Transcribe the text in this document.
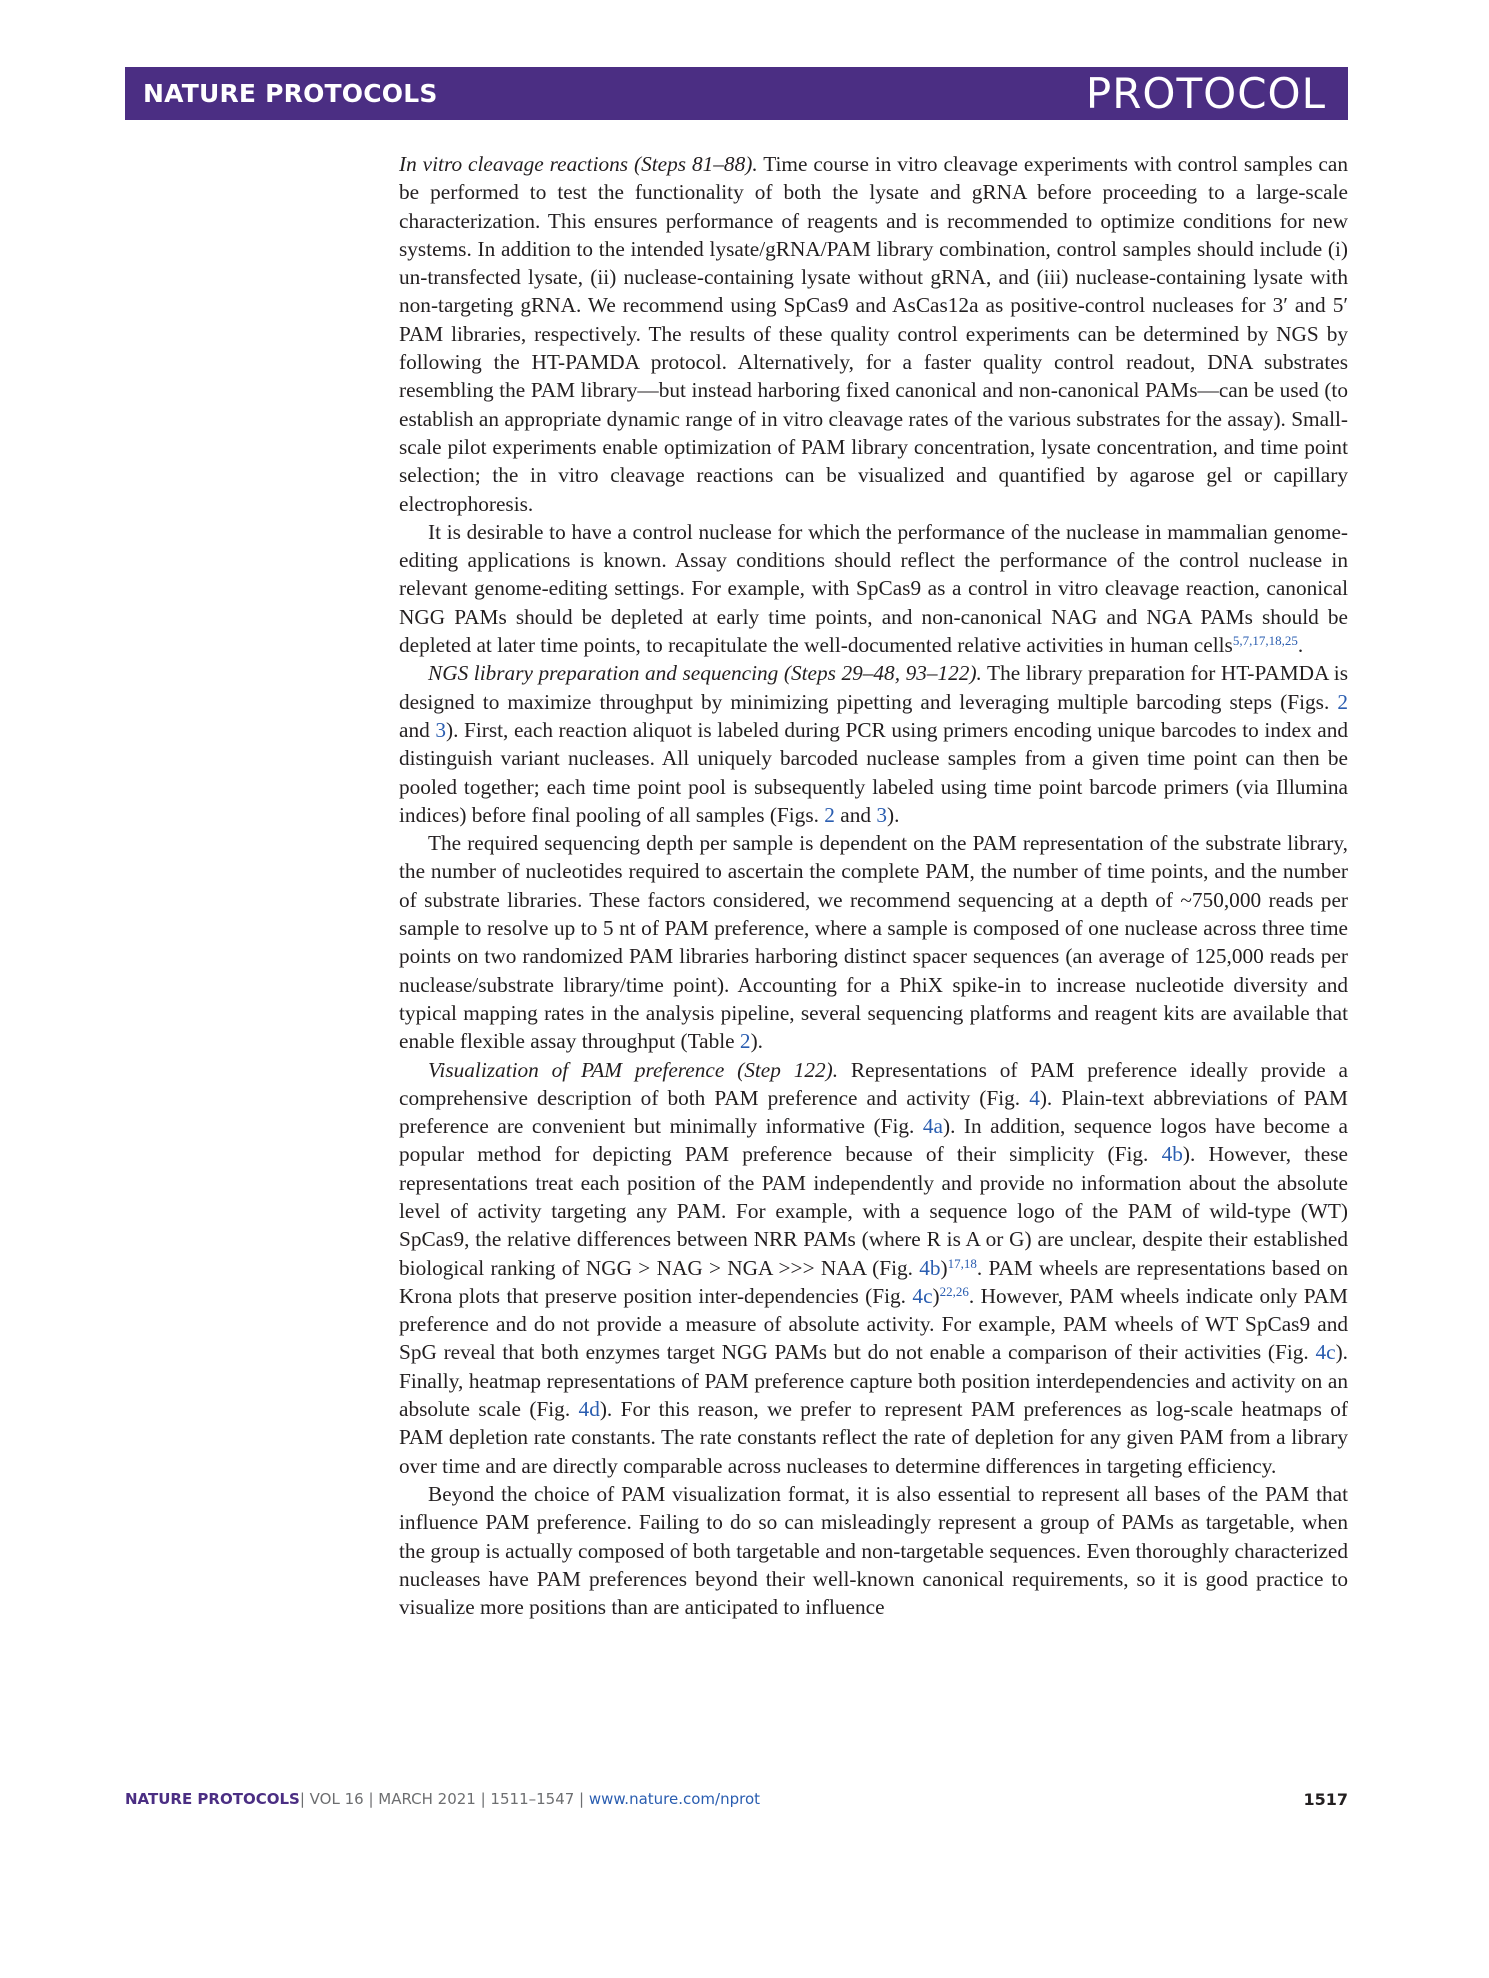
NATURE PROTOCOLS	PROTOCOL

In vitro cleavage reactions (Steps 81–88). Time course in vitro cleavage experiments with control samples can be performed to test the functionality of both the lysate and gRNA before proceeding to a large-scale characterization. This ensures performance of reagents and is recommended to optimize conditions for new systems. In addition to the intended lysate/gRNA/PAM library combination, control samples should include (i) un-transfected lysate, (ii) nuclease-containing lysate without gRNA, and (iii) nuclease-containing lysate with non-targeting gRNA. We recommend using SpCas9 and AsCas12a as positive-control nucleases for 3′ and 5′ PAM libraries, respectively. The results of these quality control experiments can be determined by NGS by following the HT-PAMDA protocol. Alternatively, for a faster quality control readout, DNA substrates resembling the PAM library—but instead harboring fixed canonical and non-canonical PAMs—can be used (to establish an appropriate dynamic range of in vitro cleavage rates of the various substrates for the assay). Small-scale pilot experiments enable optimization of PAM library concentration, lysate concentration, and time point selection; the in vitro cleavage reactions can be visualized and quantified by agarose gel or capillary electrophoresis.

It is desirable to have a control nuclease for which the performance of the nuclease in mammalian genome-editing applications is known. Assay conditions should reflect the performance of the control nuclease in relevant genome-editing settings. For example, with SpCas9 as a control in vitro cleavage reaction, canonical NGG PAMs should be depleted at early time points, and non-canonical NAG and NGA PAMs should be depleted at later time points, to recapitulate the well-documented relative activities in human cells$^{5,7,17,18,25}$.

NGS library preparation and sequencing (Steps 29–48, 93–122). The library preparation for HT-PAMDA is designed to maximize throughput by minimizing pipetting and leveraging multiple barcoding steps (Figs. 2 and 3). First, each reaction aliquot is labeled during PCR using primers encoding unique barcodes to index and distinguish variant nucleases. All uniquely barcoded nuclease samples from a given time point can then be pooled together; each time point pool is subsequently labeled using time point barcode primers (via Illumina indices) before final pooling of all samples (Figs. 2 and 3).

The required sequencing depth per sample is dependent on the PAM representation of the substrate library, the number of nucleotides required to ascertain the complete PAM, the number of time points, and the number of substrate libraries. These factors considered, we recommend sequencing at a depth of ~750,000 reads per sample to resolve up to 5 nt of PAM preference, where a sample is composed of one nuclease across three time points on two randomized PAM libraries harboring distinct spacer sequences (an average of 125,000 reads per nuclease/substrate library/time point). Accounting for a PhiX spike-in to increase nucleotide diversity and typical mapping rates in the analysis pipeline, several sequencing platforms and reagent kits are available that enable flexible assay throughput (Table 2).

Visualization of PAM preference (Step 122). Representations of PAM preference ideally provide a comprehensive description of both PAM preference and activity (Fig. 4). Plain-text abbreviations of PAM preference are convenient but minimally informative (Fig. 4a). In addition, sequence logos have become a popular method for depicting PAM preference because of their simplicity (Fig. 4b). However, these representations treat each position of the PAM independently and provide no information about the absolute level of activity targeting any PAM. For example, with a sequence logo of the PAM of wild-type (WT) SpCas9, the relative differences between NRR PAMs (where R is A or G) are unclear, despite their established biological ranking of NGG > NAG > NGA >>> NAA (Fig. 4b)$^{17,18}$. PAM wheels are representations based on Krona plots that preserve position inter-dependencies (Fig. 4c)$^{22,26}$. However, PAM wheels indicate only PAM preference and do not provide a measure of absolute activity. For example, PAM wheels of WT SpCas9 and SpG reveal that both enzymes target NGG PAMs but do not enable a comparison of their activities (Fig. 4c). Finally, heatmap representations of PAM preference capture both position interdependencies and activity on an absolute scale (Fig. 4d). For this reason, we prefer to represent PAM preferences as log-scale heatmaps of PAM depletion rate constants. The rate constants reflect the rate of depletion for any given PAM from a library over time and are directly comparable across nucleases to determine differences in targeting efficiency.

Beyond the choice of PAM visualization format, it is also essential to represent all bases of the PAM that influence PAM preference. Failing to do so can misleadingly represent a group of PAMs as targetable, when the group is actually composed of both targetable and non-targetable sequences. Even thoroughly characterized nucleases have PAM preferences beyond their well-known canonical requirements, so it is good practice to visualize more positions than are anticipated to influence

NATURE PROTOCOLS| VOL 16 | MARCH 2021 | 1511–1547 | www.nature.com/nprot	1517
